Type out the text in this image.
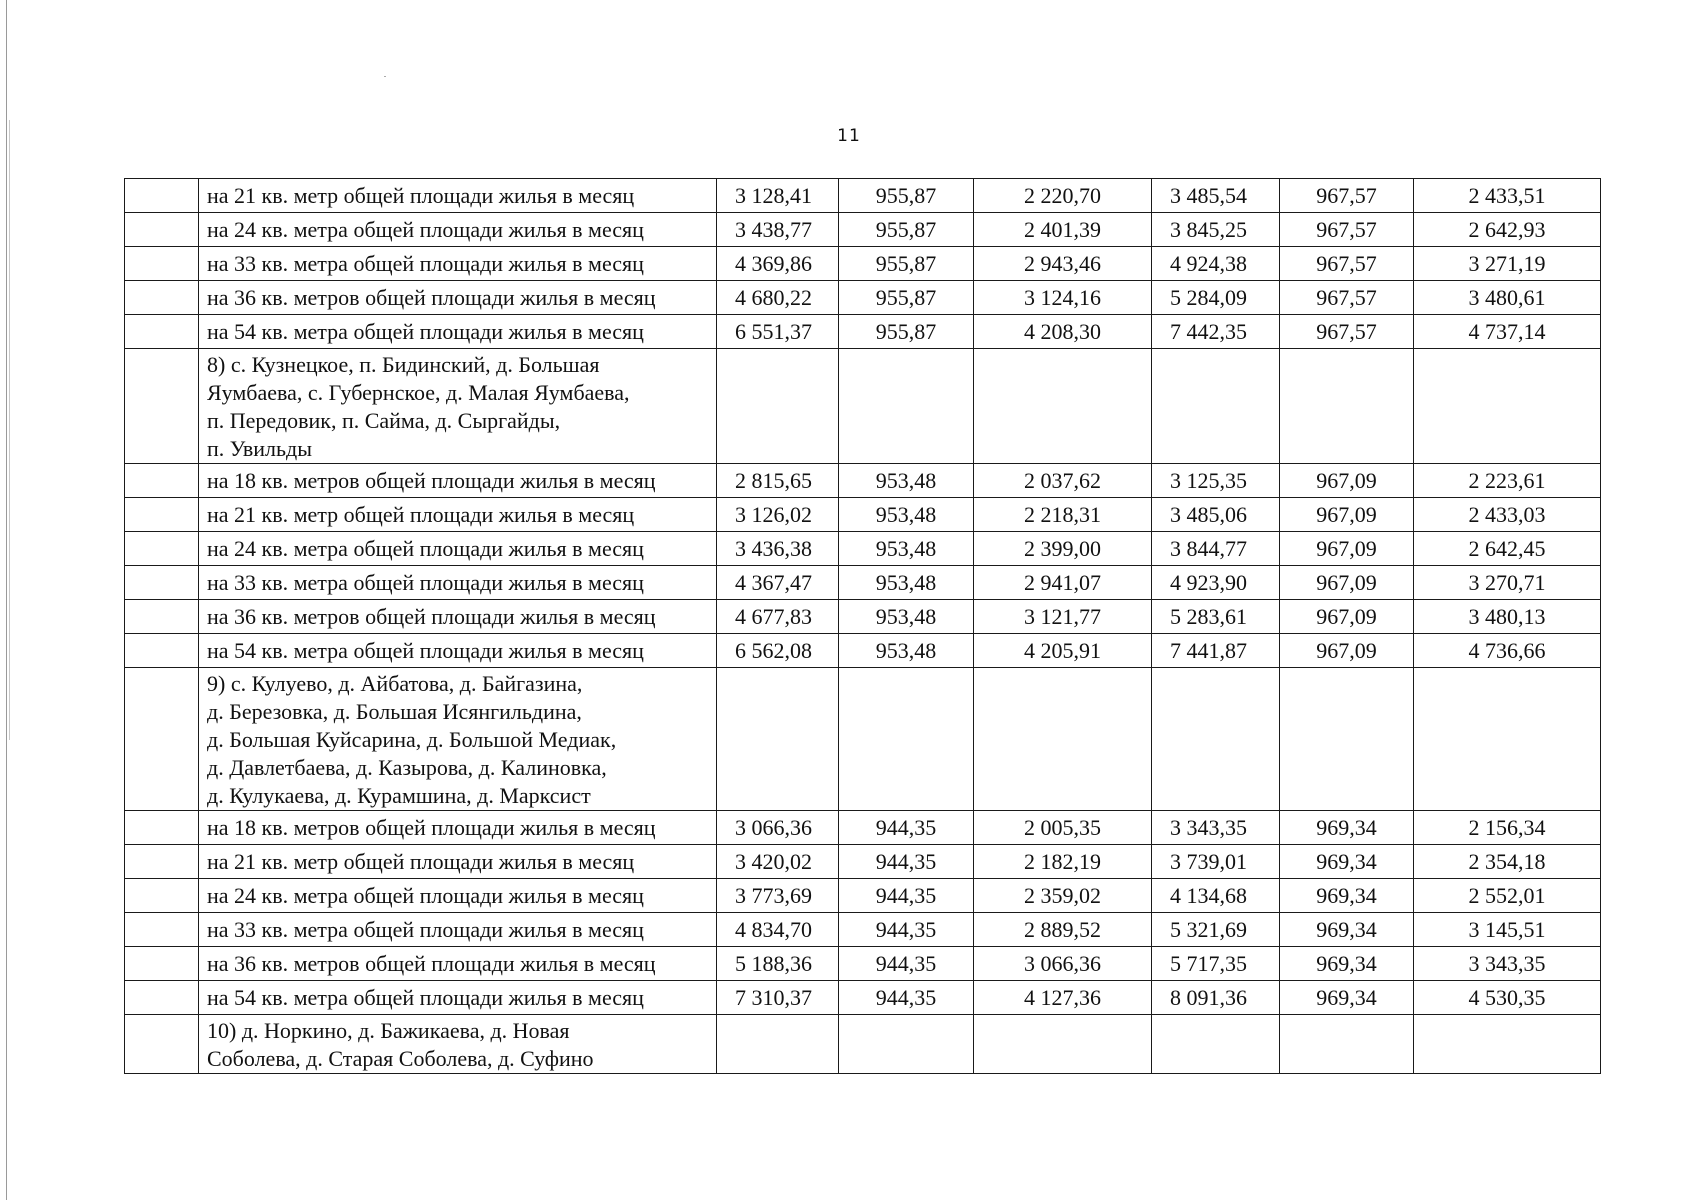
11
	на 21 кв. метр общей площади жилья в месяц	3 128,41	955,87	2 220,70	3 485,54	967,57	2 433,51
	на 24 кв. метра общей площади жилья в месяц	3 438,77	955,87	2 401,39	3 845,25	967,57	2 642,93
	на 33 кв. метра общей площади жилья в месяц	4 369,86	955,87	2 943,46	4 924,38	967,57	3 271,19
	на 36 кв. метров общей площади жилья в месяц	4 680,22	955,87	3 124,16	5 284,09	967,57	3 480,61
	на 54 кв. метра общей площади жилья в месяц	6 551,37	955,87	4 208,30	7 442,35	967,57	4 737,14
	8) с. Кузнецкое, п. Бидинский, д. Большая
Яумбаева, с. Губернское, д. Малая Яумбаева,
п. Передовик, п. Сайма, д. Сыргайды,
п. Увильды						
	на 18 кв. метров общей площади жилья в месяц	2 815,65	953,48	2 037,62	3 125,35	967,09	2 223,61
	на 21 кв. метр общей площади жилья в месяц	3 126,02	953,48	2 218,31	3 485,06	967,09	2 433,03
	на 24 кв. метра общей площади жилья в месяц	3 436,38	953,48	2 399,00	3 844,77	967,09	2 642,45
	на 33 кв. метра общей площади жилья в месяц	4 367,47	953,48	2 941,07	4 923,90	967,09	3 270,71
	на 36 кв. метров общей площади жилья в месяц	4 677,83	953,48	3 121,77	5 283,61	967,09	3 480,13
	на 54 кв. метра общей площади жилья в месяц	6 562,08	953,48	4 205,91	7 441,87	967,09	4 736,66
	9) с. Кулуево, д. Айбатова, д. Байгазина,
д. Березовка, д. Большая Исянгильдина,
д. Большая Куйсарина, д. Большой Медиак,
д. Давлетбаева, д. Казырова, д. Калиновка,
д. Кулукаева, д. Курамшина, д. Марксист						
	на 18 кв. метров общей площади жилья в месяц	3 066,36	944,35	2 005,35	3 343,35	969,34	2 156,34
	на 21 кв. метр общей площади жилья в месяц	3 420,02	944,35	2 182,19	3 739,01	969,34	2 354,18
	на 24 кв. метра общей площади жилья в месяц	3 773,69	944,35	2 359,02	4 134,68	969,34	2 552,01
	на 33 кв. метра общей площади жилья в месяц	4 834,70	944,35	2 889,52	5 321,69	969,34	3 145,51
	на 36 кв. метров общей площади жилья в месяц	5 188,36	944,35	3 066,36	5 717,35	969,34	3 343,35
	на 54 кв. метра общей площади жилья в месяц	7 310,37	944,35	4 127,36	8 091,36	969,34	4 530,35
	10) д. Норкино, д. Бажикаева, д. Новая
Соболева, д. Старая Соболева, д. Суфино						
